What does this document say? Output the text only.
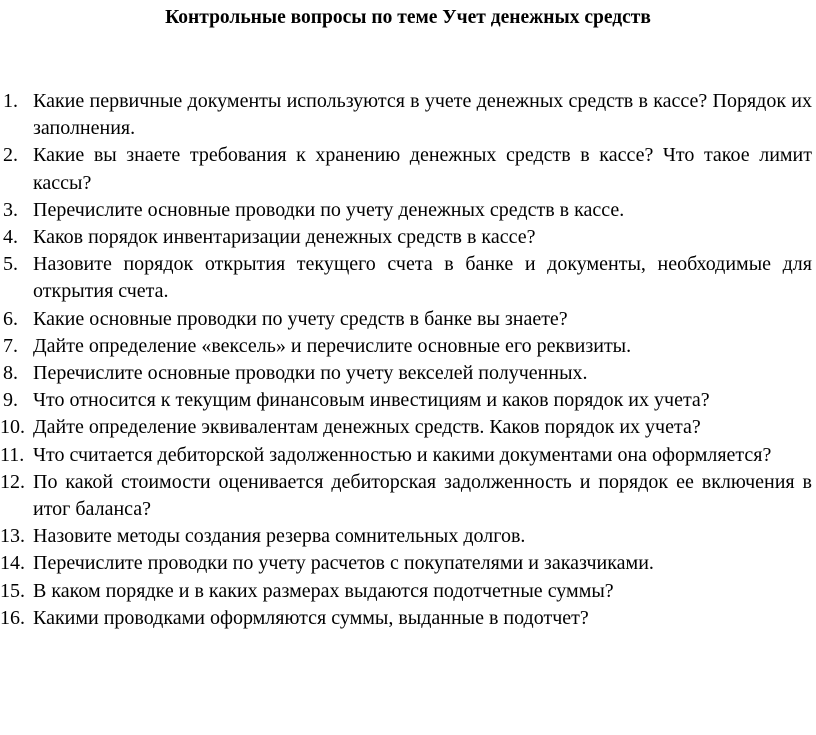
Контрольные вопросы по теме Учет денежных средств
1. Какие первичные документы используются в учете денежных средств в кассе? Порядок их заполнения.
2. Какие вы знаете требования к хранению денежных средств в кассе? Что такое лимит кассы?
3. Перечислите основные проводки по учету денежных средств в кассе.
4. Каков порядок инвентаризации денежных средств в кассе?
5. Назовите порядок открытия текущего счета в банке и документы, необходимые для открытия счета.
6. Какие основные проводки по учету средств в банке вы знаете?
7. Дайте определение «вексель» и перечислите основные его реквизиты.
8. Перечислите основные проводки по учету векселей полученных.
9. Что относится к текущим финансовым инвестициям и каков порядок их учета?
10. Дайте определение эквивалентам денежных средств. Каков порядок их учета?
11. Что считается дебиторской задолженностью и какими документами она оформляется?
12. По какой стоимости оценивается дебиторская задолженность и порядок ее включения в итог баланса?
13. Назовите методы создания резерва сомнительных долгов.
14. Перечислите проводки по учету расчетов с покупателями и заказчиками.
15. В каком порядке и в каких размерах выдаются подотчетные суммы?
16. Какими проводками оформляются суммы, выданные в подотчет?
